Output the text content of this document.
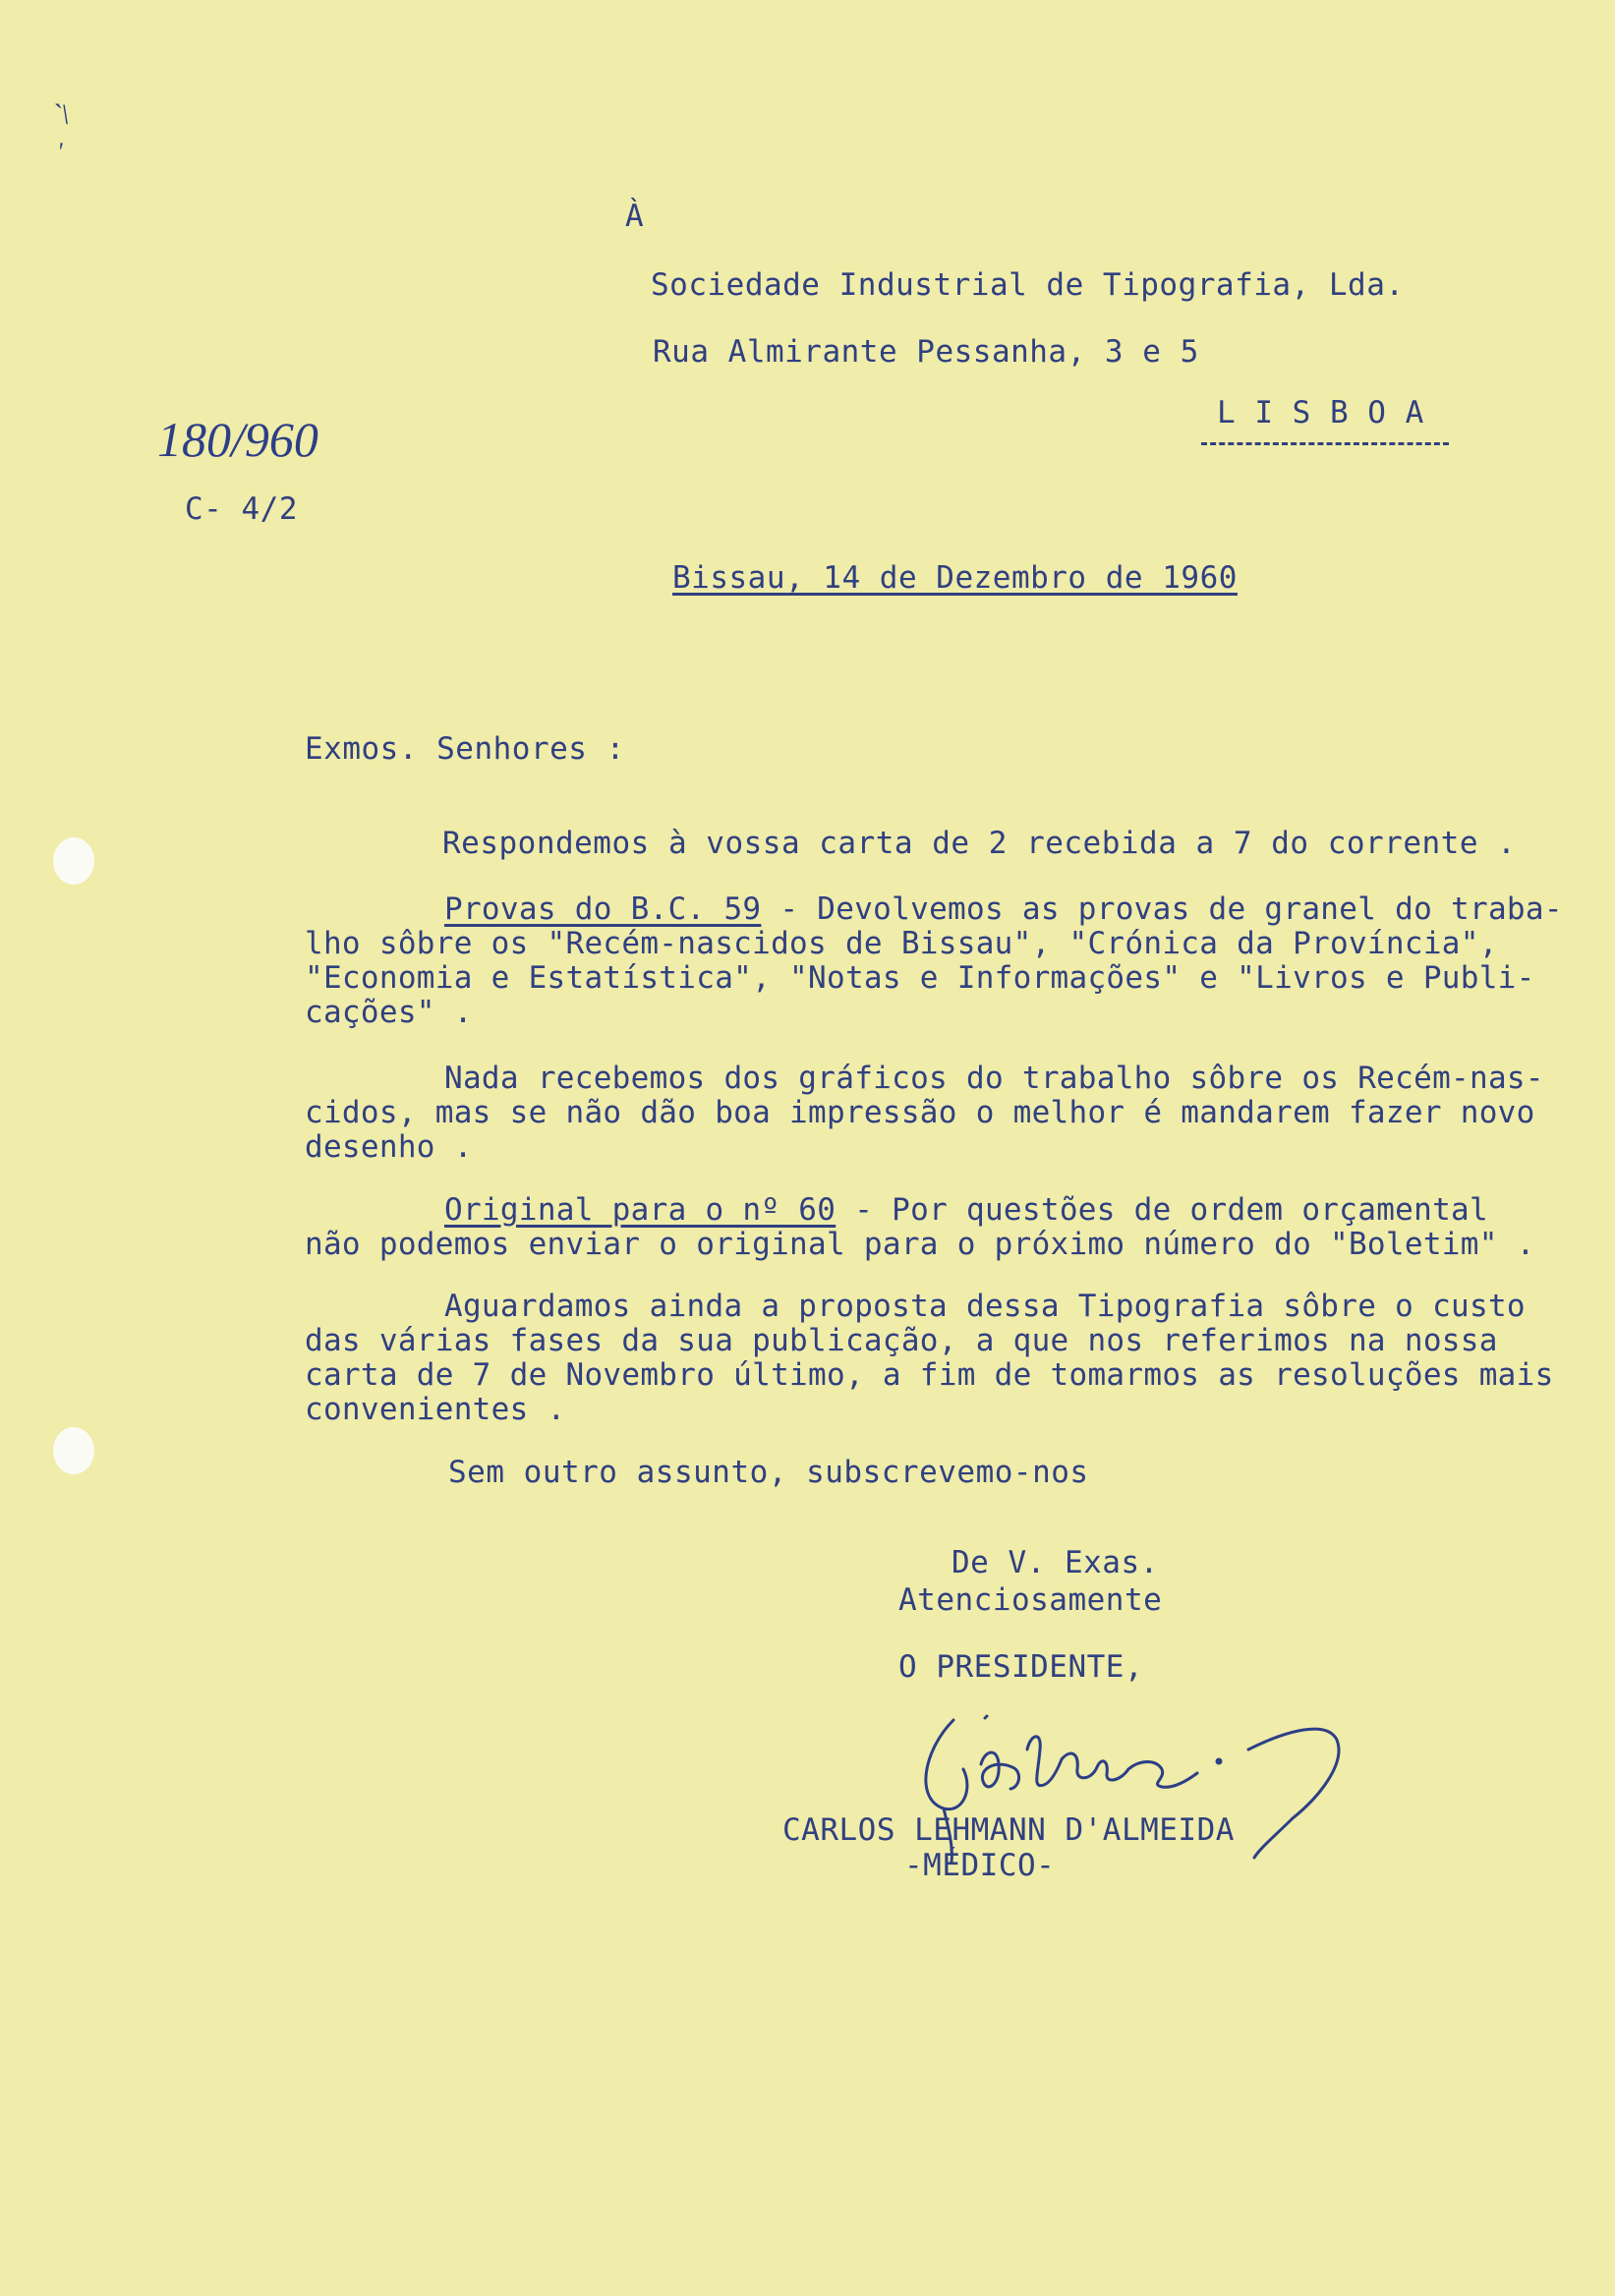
`\
'
À
Sociedade Industrial de Tipografia, Lda.
Rua Almirante Pessanha, 3 e 5
L I S B O A
180/960
C- 4/2
Bissau, 14 de Dezembro de 1960
Exmos. Senhores :
Respondemos à vossa carta de 2 recebida a 7 do corrente .
Provas do B.C. 59 - Devolvemos as provas de granel do traba-
lho sôbre os "Recém-nascidos de Bissau", "Crónica da Província",
"Economia e Estatística", "Notas e Informações" e "Livros e Publi-
cações" .
Nada recebemos dos gráficos do trabalho sôbre os Recém-nas-
cidos, mas se não dão boa impressão o melhor é mandarem fazer novo
desenho .
Original para o nº 60 - Por questões de ordem orçamental
não podemos enviar o original para o próximo número do "Boletim" .
Aguardamos ainda a proposta dessa Tipografia sôbre o custo
das várias fases da sua publicação, a que nos referimos na nossa
carta de 7 de Novembro último, a fim de tomarmos as resoluções mais
convenientes .
Sem outro assunto, subscrevemo-nos
De V. Exas.
Atenciosamente
O PRESIDENTE,
CARLOS LEHMANN D'ALMEIDA
-MÉDICO-
